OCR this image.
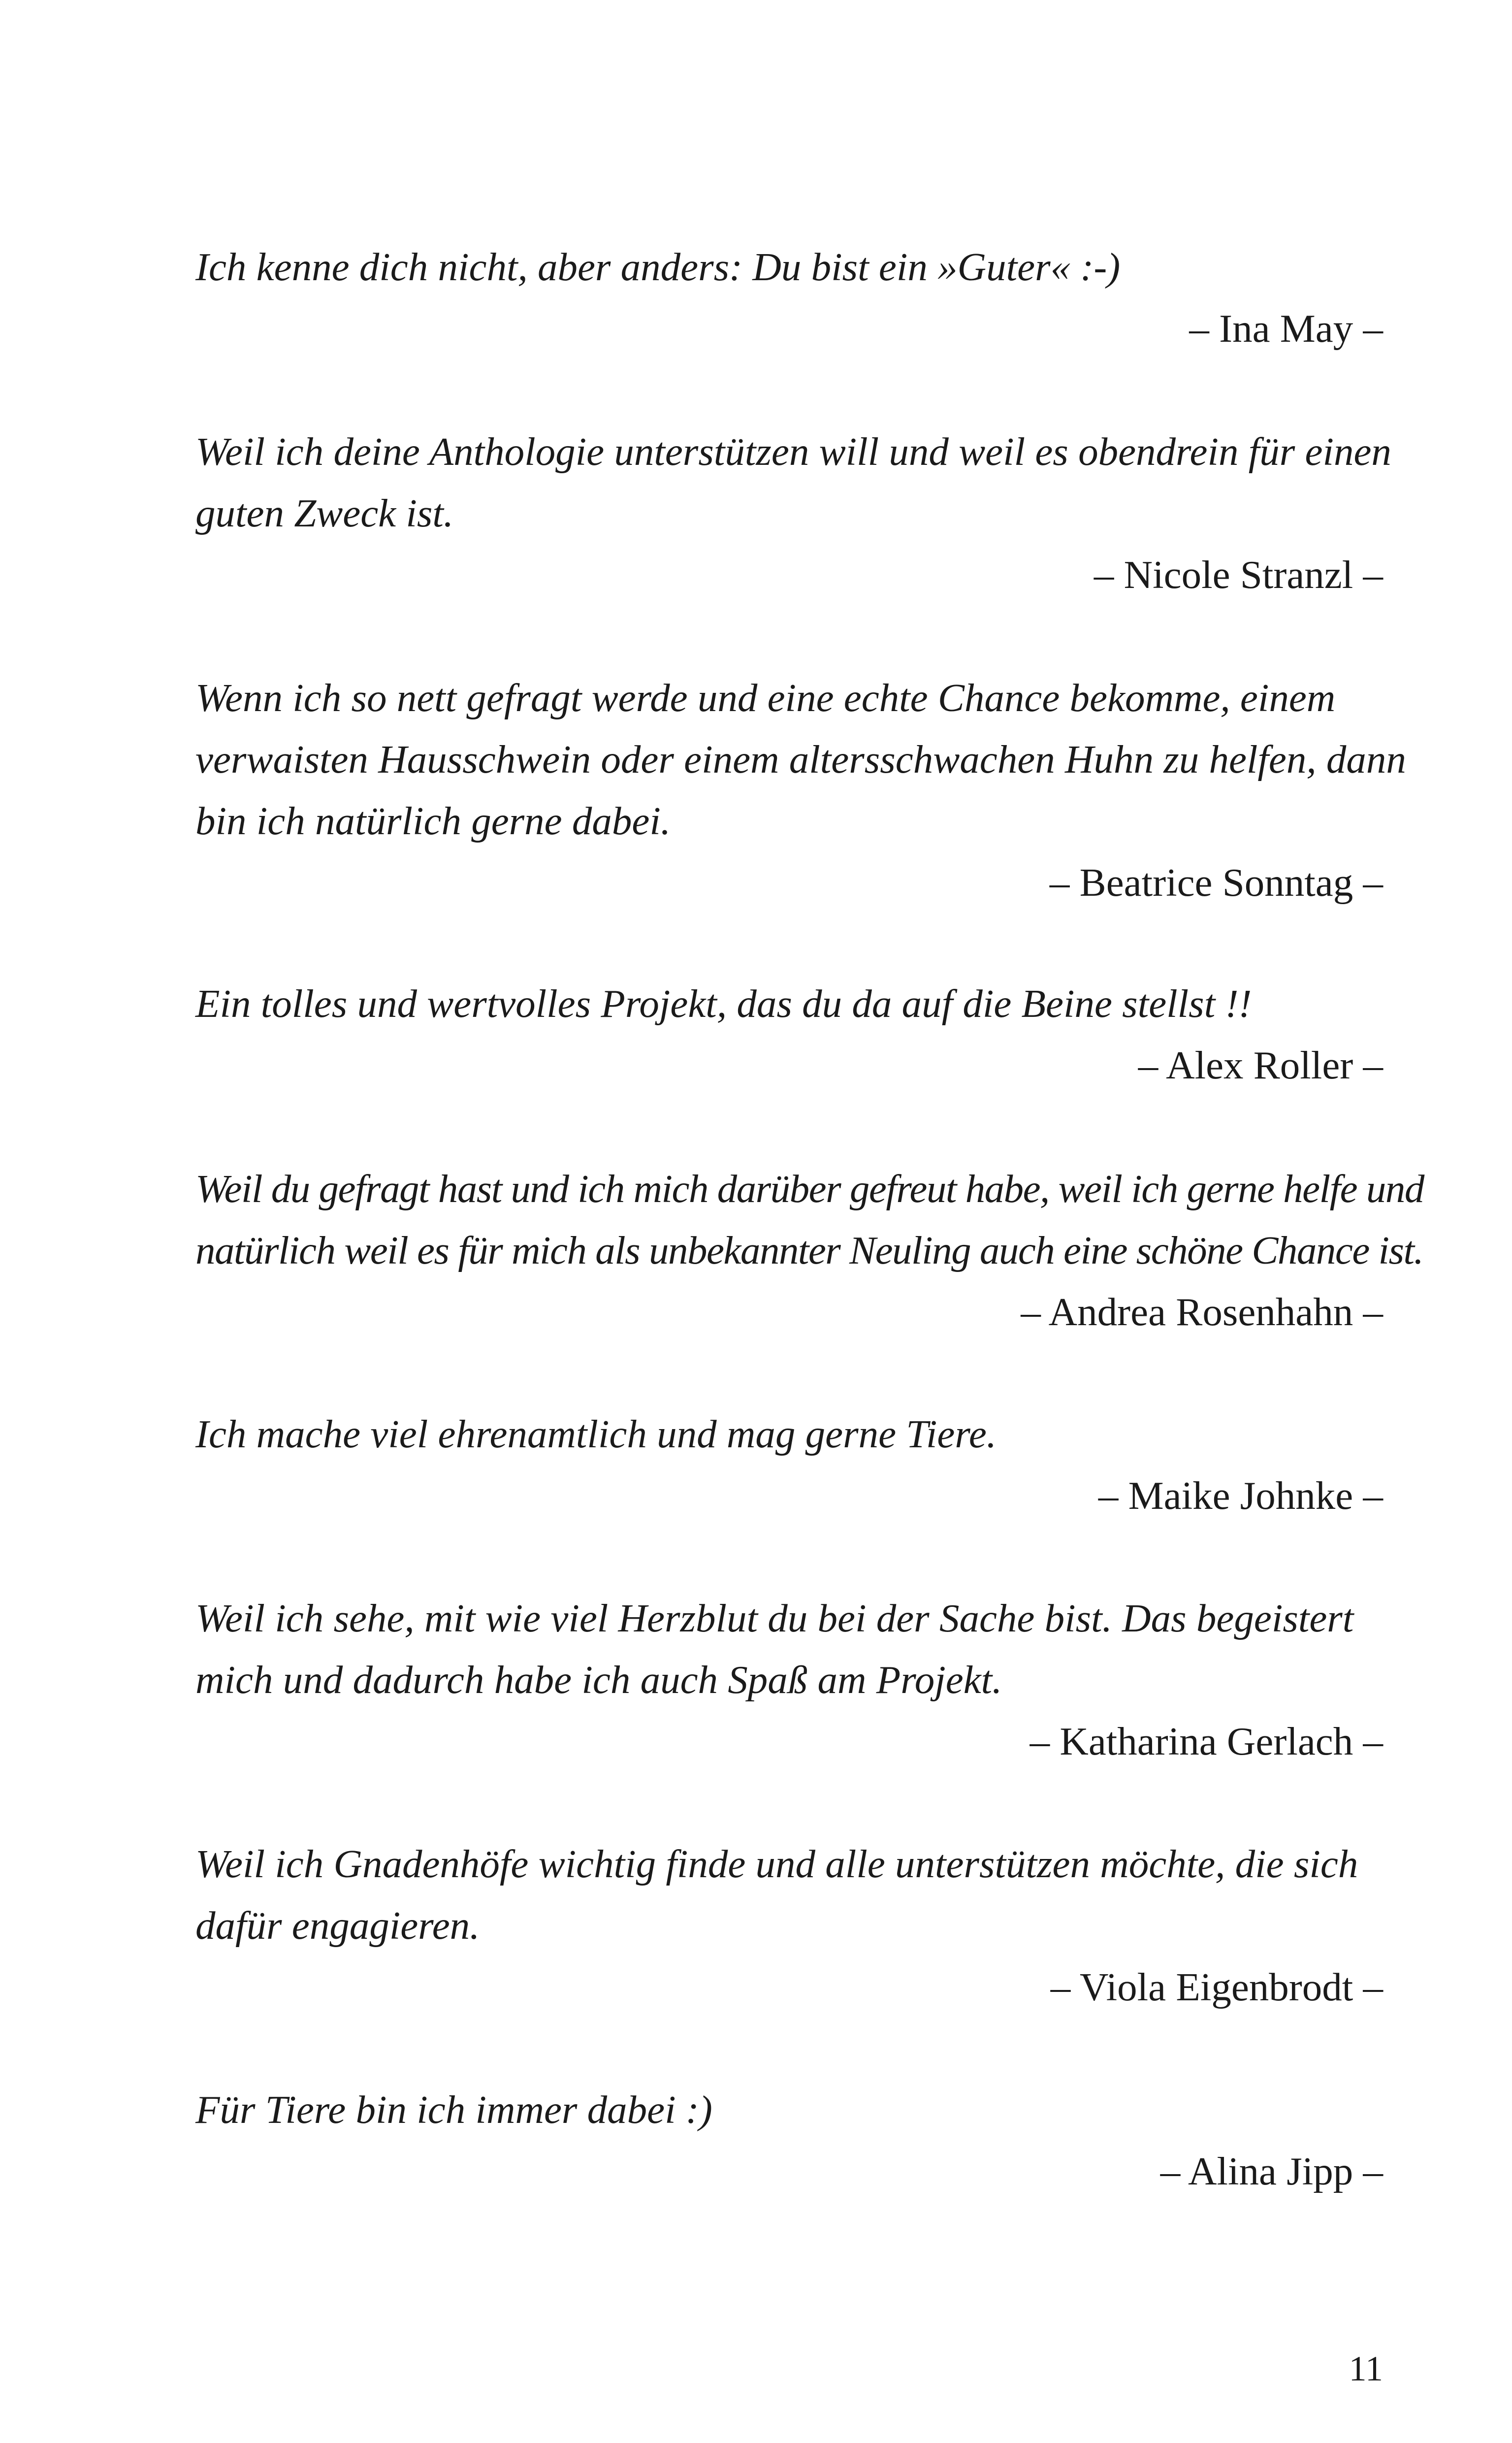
Ich kenne dich nicht, aber anders: Du bist ein »Guter« :-)

– Ina May –

Weil ich deine Anthologie unterstützen will und weil es obendrein für einen
guten Zweck ist.

– Nicole Stranzl –

Wenn ich so nett gefragt werde und eine echte Chance bekomme, einem
verwaisten Hausschwein oder einem altersschwachen Huhn zu helfen, dann
bin ich natürlich gerne dabei.

– Beatrice Sonntag –

Ein tolles und wertvolles Projekt, das du da auf die Beine stellst !!

– Alex Roller –

Weil du gefragt hast und ich mich darüber gefreut habe, weil ich gerne helfe und
natürlich weil es für mich als unbekannter Neuling auch eine schöne Chance ist.

– Andrea Rosenhahn –

Ich mache viel ehrenamtlich und mag gerne Tiere.

– Maike Johnke –

Weil ich sehe, mit wie viel Herzblut du bei der Sache bist. Das begeistert
mich und dadurch habe ich auch Spaß am Projekt.

– Katharina Gerlach –

Weil ich Gnadenhöfe wichtig finde und alle unterstützen möchte, die sich
dafür engagieren.

– Viola Eigenbrodt –

Für Tiere bin ich immer dabei :)

– Alina Jipp –

11
